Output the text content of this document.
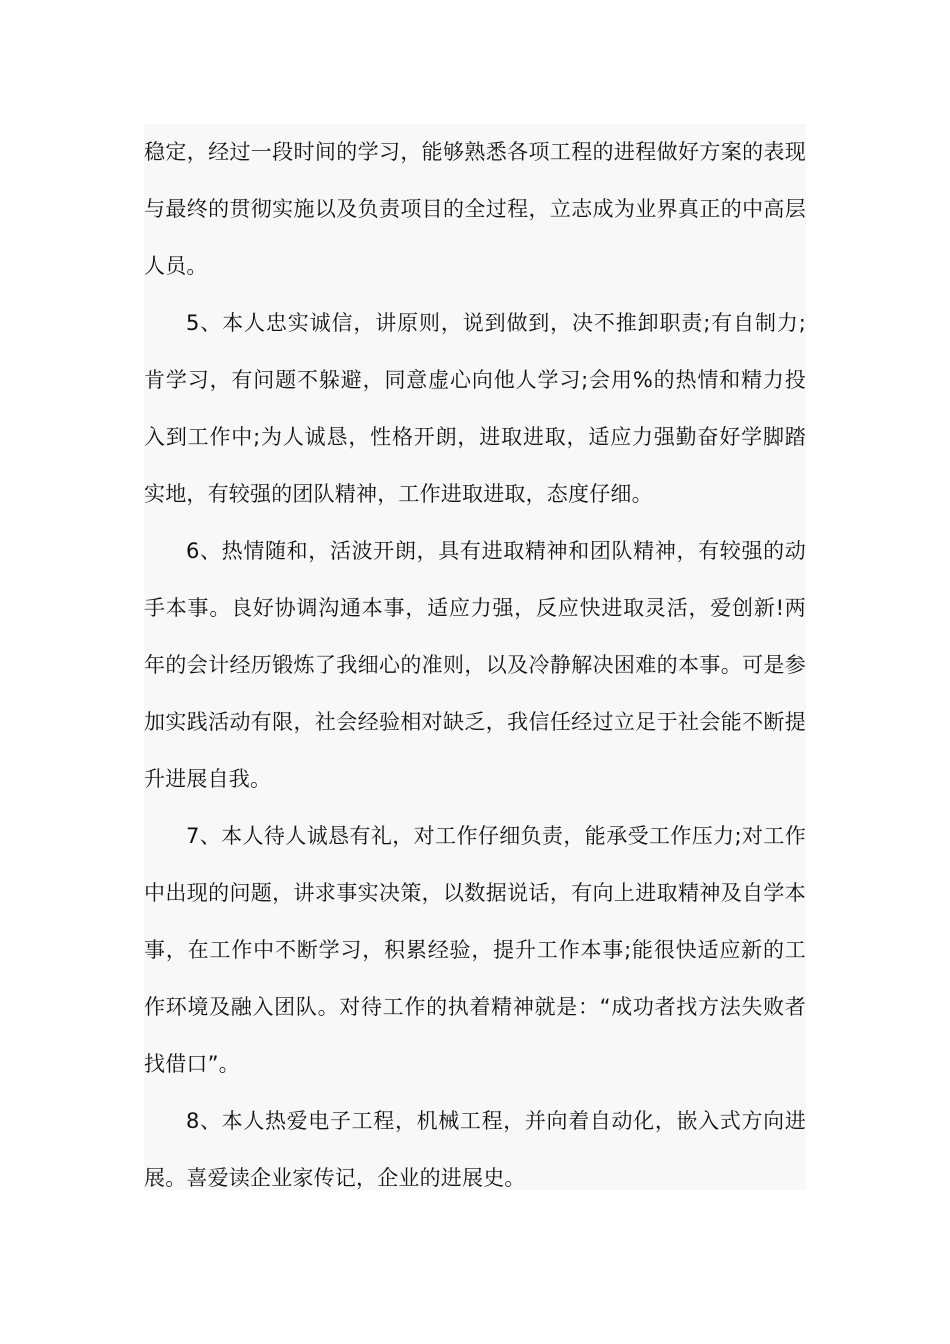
稳定，经过一段时间的学习，能够熟悉各项工程的进程做好方案的表现与最终的贯彻实施以及负责项目的全过程，立志成为业界真正的中高层人员。

5、本人忠实诚信，讲原则，说到做到，决不推卸职责;有自制力;肯学习，有问题不躲避，同意虚心向他人学习;会用%的热情和精力投入到工作中;为人诚恳，性格开朗，进取进取，适应力强勤奋好学脚踏实地，有较强的团队精神，工作进取进取，态度仔细。

6、热情随和，活波开朗，具有进取精神和团队精神，有较强的动手本事。良好协调沟通本事，适应力强，反应快进取灵活，爱创新!两年的会计经历锻炼了我细心的准则，以及冷静解决困难的本事。可是参加实践活动有限，社会经验相对缺乏，我信任经过立足于社会能不断提升进展自我。

7、本人待人诚恳有礼，对工作仔细负责，能承受工作压力;对工作中出现的问题，讲求事实决策，以数据说话，有向上进取精神及自学本事，在工作中不断学习，积累经验，提升工作本事;能很快适应新的工作环境及融入团队。对待工作的执着精神就是：“成功者找方法失败者找借口”。

8、本人热爱电子工程，机械工程，并向着自动化，嵌入式方向进展。喜爱读企业家传记，企业的进展史。
